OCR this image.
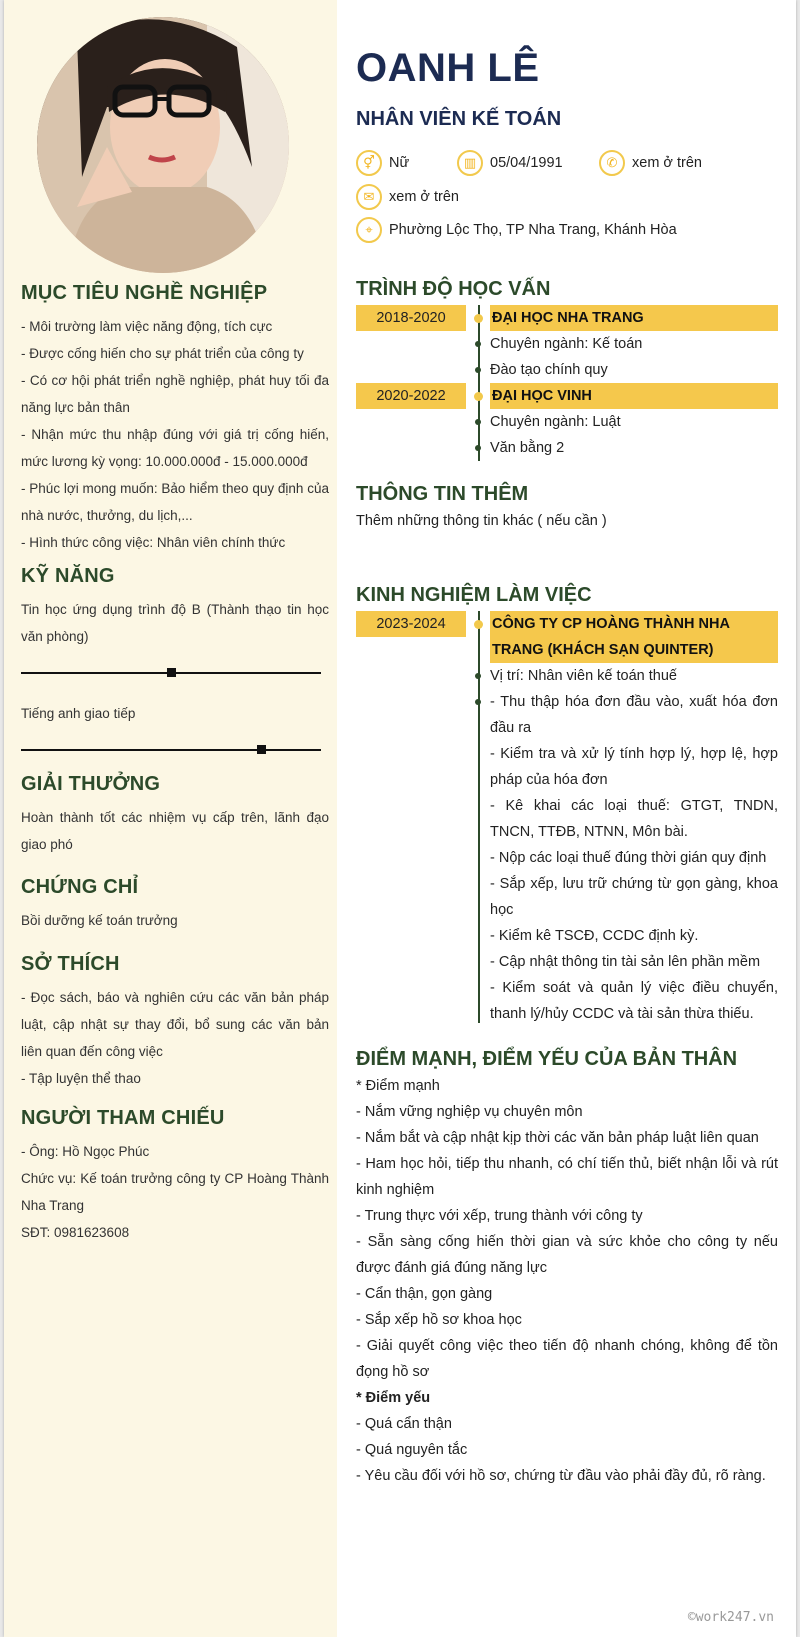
MỤC TIÊU NGHỀ NGHIỆP

- Môi trường làm việc năng động, tích cực

- Được cống hiến cho sự phát triển của công ty

- Có cơ hội phát triển nghề nghiệp, phát huy tối đa năng lực bản thân

- Nhận mức thu nhập đúng với giá trị cống hiến, mức lương kỳ vọng: 10.000.000đ - 15.000.000đ

- Phúc lợi mong muốn: Bảo hiểm theo quy định của nhà nước, thưởng, du lịch,...

- Hình thức công việc: Nhân viên chính thức

KỸ NĂNG
Tin học ứng dụng trình độ B (Thành thạo tin học văn phòng)
Tiếng anh giao tiếp
GIẢI THƯỞNG
Hoàn thành tốt các nhiệm vụ cấp trên, lãnh đạo giao phó
CHỨNG CHỈ
Bồi dưỡng kế toán trưởng
SỞ THÍCH

- Đọc sách, báo và nghiên cứu các văn bản pháp luật, cập nhật sự thay đổi, bổ sung các văn bản liên quan đến công việc

- Tập luyện thể thao

NGƯỜI THAM CHIẾU

- Ông: Hồ Ngọc Phúc

Chức vụ: Kế toán trưởng công ty CP Hoàng Thành Nha Trang

SĐT: 0981623608

OANH LÊ
NHÂN VIÊN KẾ TOÁN
⚥ Nữ	▥ 05/04/1991	✆	xem ở trên
✉	xem ở trên
⌖	Phường Lộc Thọ, TP Nha Trang, Khánh Hòa
TRÌNH ĐỘ HỌC VẤN
2018-2020	ĐẠI HỌC NHA TRANG
Chuyên ngành: Kế toán
Đào tạo chính quy
2020-2022	ĐẠI HỌC VINH
Chuyên ngành: Luật
Văn bằng 2
THÔNG TIN THÊM
Thêm những thông tin khác ( nếu cần )
KINH NGHIỆM LÀM VIỆC
2023-2024	CÔNG TY CP HOÀNG THÀNH NHA TRANG (KHÁCH SẠN QUINTER)
Vị trí: Nhân viên kế toán thuế
- Thu thập hóa đơn đầu vào, xuất hóa đơn đầu ra
- Kiểm tra và xử lý tính hợp lý, hợp lệ, hợp pháp của hóa đơn
- Kê khai các loại thuế: GTGT, TNDN, TNCN, TTĐB, NTNN, Môn bài.
- Nộp các loại thuế đúng thời gián quy định
- Sắp xếp, lưu trữ chứng từ gọn gàng, khoa học
- Kiểm kê TSCĐ, CCDC định kỳ.
- Cập nhật thông tin tài sản lên phần mềm
- Kiểm soát và quản lý việc điều chuyển, thanh lý/hủy CCDC và tài sản thừa thiếu.
ĐIỂM MẠNH, ĐIỂM YẾU CỦA BẢN THÂN

* Điểm mạnh

- Nắm vững nghiệp vụ chuyên môn

- Nắm bắt và cập nhật kịp thời các văn bản pháp luật liên quan

- Ham học hỏi, tiếp thu nhanh, có chí tiến thủ, biết nhận lỗi và rút kinh nghiệm

- Trung thực với xếp, trung thành với công ty

- Sẵn sàng cống hiến thời gian và sức khỏe cho công ty nếu được đánh giá đúng năng lực

- Cẩn thận, gọn gàng

- Sắp xếp hồ sơ khoa học

- Giải quyết công việc theo tiến độ nhanh chóng, không để tồn đọng hồ sơ

* Điểm yếu

- Quá cẩn thận

- Quá nguyên tắc

- Yêu cầu đối với hồ sơ, chứng từ đầu vào phải đầy đủ, rõ ràng.

©work247.vn
